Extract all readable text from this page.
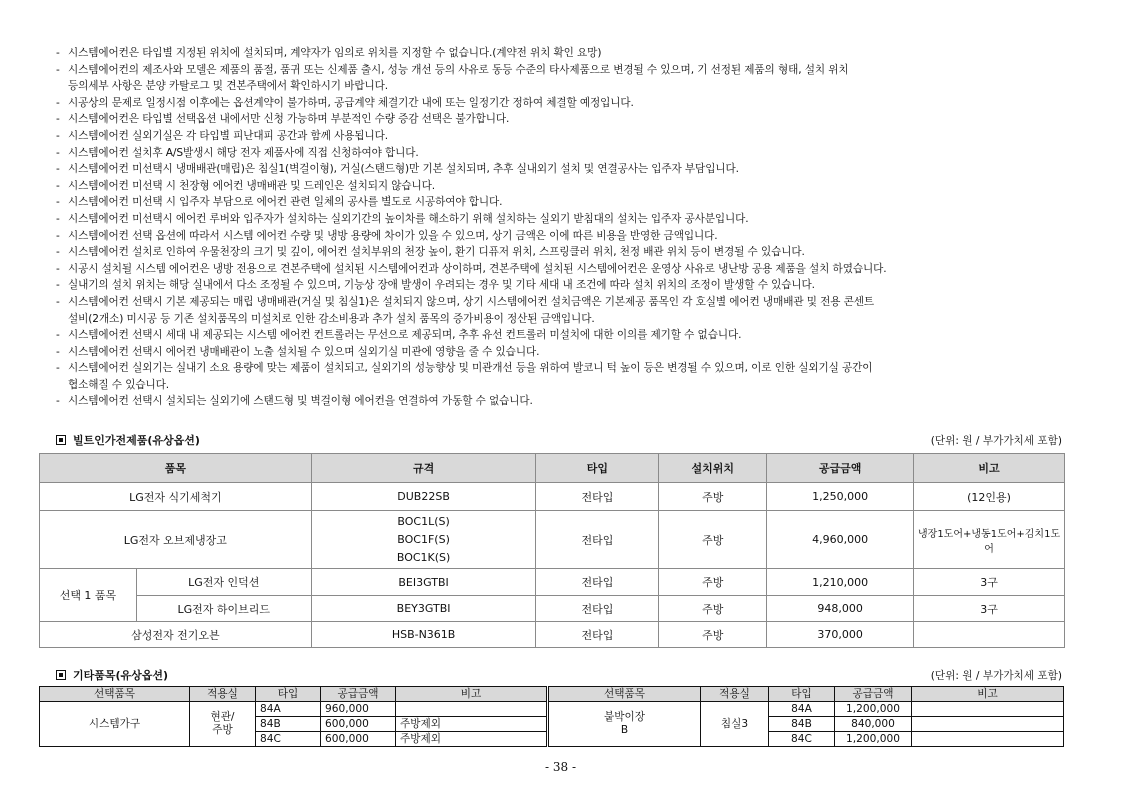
- 시스템에어컨은 타입별 지정된 위치에 설치되며, 계약자가 임의로 위치를 지정할 수 없습니다.(계약전 위치 확인 요망)
- 시스템에어컨의 제조사와 모델은 제품의 품절, 품귀 또는 신제품 출시, 성능 개선 등의 사유로 동등 수준의 타사제품으로 변경될 수 있으며, 기 선정된 제품의 형태, 설치 위치
등의세부 사항은 분양 카탈로그 및 견본주택에서 확인하시기 바랍니다.
- 시공상의 문제로 일정시점 이후에는 옵션계약이 불가하며, 공급계약 체결기간 내에 또는 일정기간 정하여 체결할 예정입니다.
- 시스템에어컨은 타입별 선택옵션 내에서만 신청 가능하며 부분적인 수량 증감 선택은 불가합니다.
- 시스템에어컨 실외기실은 각 타입별 피난대피 공간과 함께 사용됩니다.
- 시스템에어컨 설치후 A/S발생시 해당 전자 제품사에 직접 신청하여야 합니다.
- 시스템에어컨 미선택시 냉매배관(매립)은 침실1(벽걸이형), 거실(스탠드형)만 기본 설치되며, 추후 실내외기 설치 및 연결공사는 입주자 부담입니다.
- 시스템에어컨 미선택 시 천장형 에어컨 냉매배관 및 드레인은 설치되지 않습니다.
- 시스템에어컨 미선택 시 입주자 부담으로 에어컨 관련 일체의 공사를 별도로 시공하여야 합니다.
- 시스템에어컨 미선택시 에어컨 루버와 입주자가 설치하는 실외기간의 높이차를 해소하기 위해 설치하는 실외기 받침대의 설치는 입주자 공사분입니다.
- 시스템에어컨 선택 옵션에 따라서 시스템 에어컨 수량 및 냉방 용량에 차이가 있을 수 있으며, 상기 금액은 이에 따른 비용을 반영한 금액입니다.
- 시스템에어컨 설치로 인하여 우물천장의 크기 및 깊이, 에어컨 설치부위의 천장 높이, 환기 디퓨저 위치, 스프링클러 위치, 천정 배관 위치 등이 변경될 수 있습니다.
- 시공시 설치될 시스템 에어컨은 냉방 전용으로 견본주택에 설치된 시스템에어컨과 상이하며, 견본주택에 설치된 시스템에어컨은 운영상 사유로 냉난방 공용 제품을 설치 하였습니다.
- 실내기의 설치 위치는 해당 실내에서 다소 조정될 수 있으며, 기능상 장애 발생이 우려되는 경우 및 기타 세대 내 조건에 따라 설치 위치의 조정이 발생할 수 있습니다.
- 시스템에어컨 선택시 기본 제공되는 매립 냉매배관(거실 및 침실1)은 설치되지 않으며, 상기 시스템에어컨 설치금액은 기본제공 품목인 각 호실별 에어컨 냉매배관 및 전용 콘센트
설비(2개소) 미시공 등 기존 설치품목의 미설치로 인한 감소비용과 추가 설치 품목의 증가비용이 정산된 금액입니다.
- 시스템에어컨 선택시 세대 내 제공되는 시스템 에어컨 컨트롤러는 무선으로 제공되며, 추후 유선 컨트롤러 미설치에 대한 이의를 제기할 수 없습니다.
- 시스템에어컨 선택시 에어컨 냉매배관이 노출 설치될 수 있으며 실외기실 미관에 영향을 줄 수 있습니다.
- 시스템에어컨 실외기는 실내기 소요 용량에 맞는 제품이 설치되고, 실외기의 성능향상 및 미관개선 등을 위하여 발코니 턱 높이 등은 변경될 수 있으며, 이로 인한 실외기실 공간이
협소해질 수 있습니다.
- 시스템에어컨 선택시 설치되는 실외기에 스탠드형 및 벽걸이형 에어컨을 연결하여 가동할 수 없습니다.
빌트인가전제품(유상옵션)	(단위: 원 / 부가가치세 포함)
품목		규격	타입	설치위치	공급금액	비고
LG전자 식기세척기		DUB22SB	전타입	주방	1,250,000	(12인용)
LG전자 오브제냉장고		BOC1L(S)
BOC1F(S)
BOC1K(S)	전타입	주방	4,960,000	냉장1도어+냉동1도어+김치1도어
선택 1 품목	LG전자 인덕션	BEI3GTBI	전타입	주방	1,210,000	3구
	LG전자 하이브리드	BEY3GTBI	전타입	주방	948,000	3구
삼성전자 전기오븐		HSB-N361B	전타입	주방	370,000	
기타품목(유상옵션)	(단위: 원 / 부가가치세 포함)
선택품목	적용실	타입	공급금액	비고
시스템가구	현관/
주방	84A	960,000	
		84B	600,000	주방제외
		84C	600,000	주방제외
선택품목	적용실	타입	공급금액	비고
붙박이장
B	침실3	84A	1,200,000	
		84B	840,000	
		84C	1,200,000	
- 38 -
